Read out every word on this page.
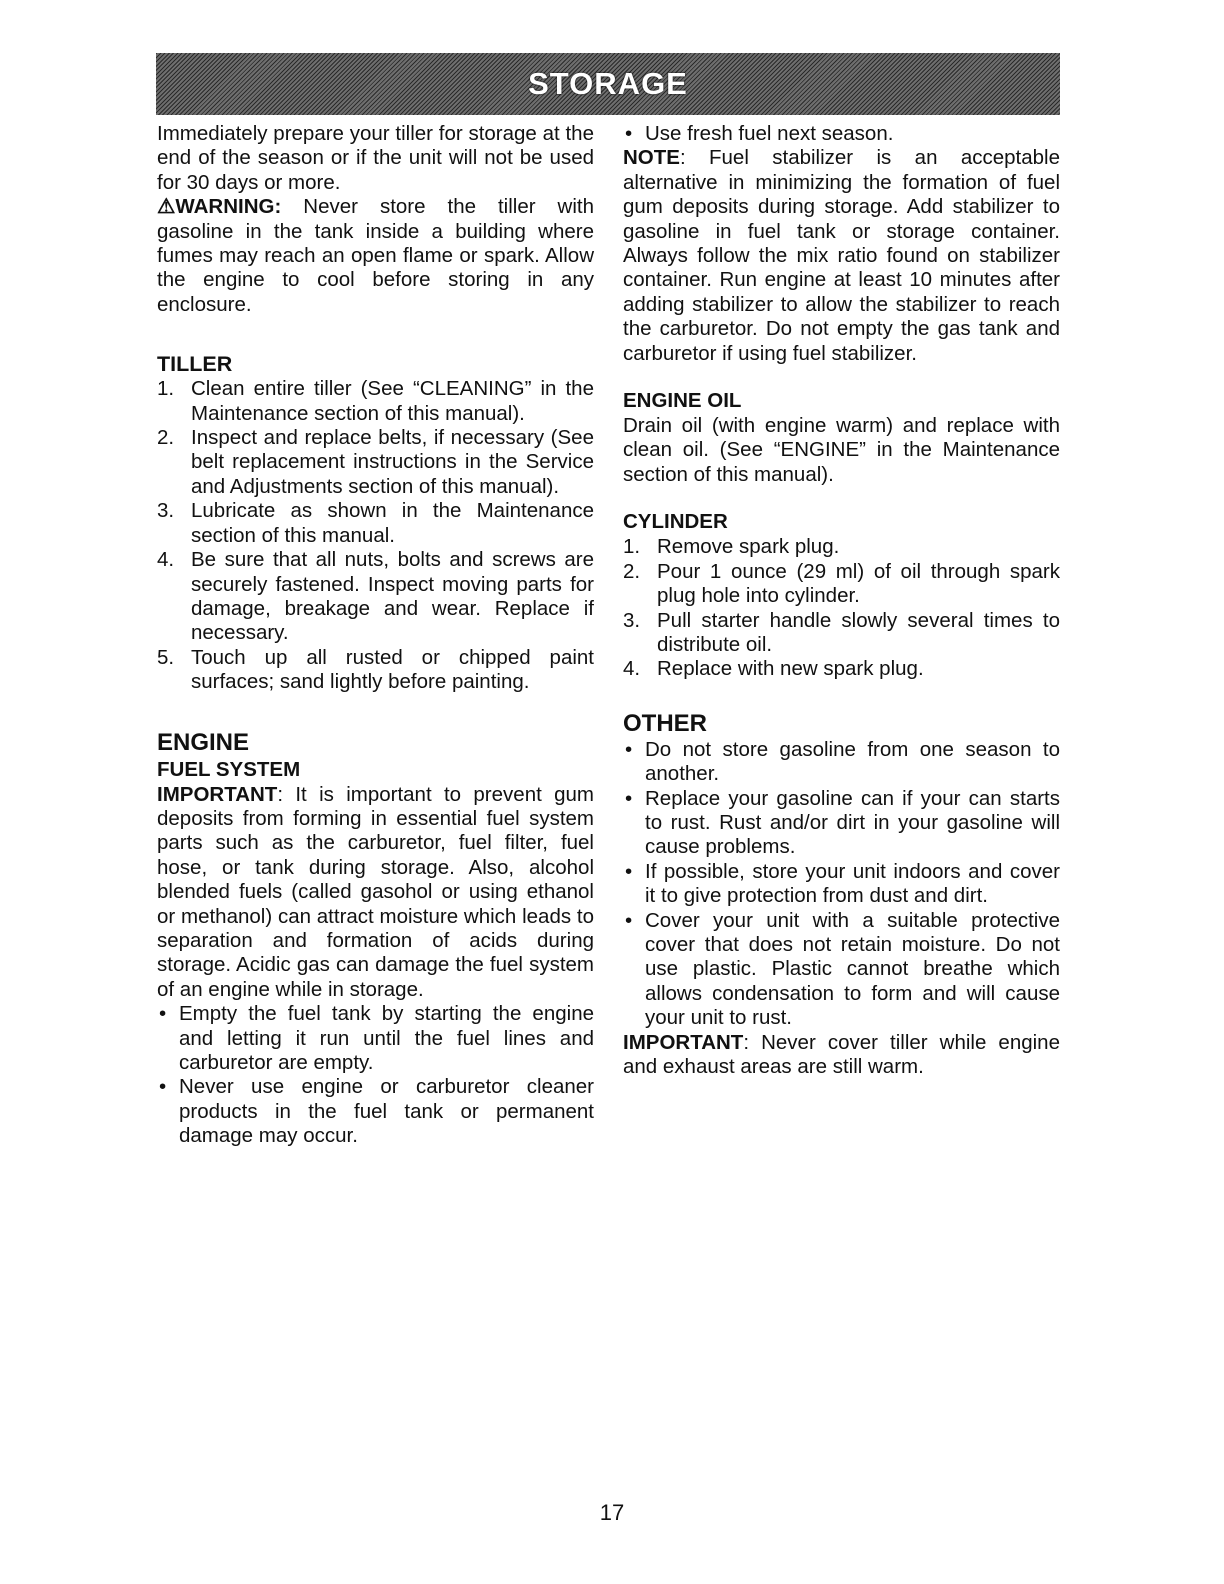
STORAGE

Immediately prepare your tiller for storage at the end of the season or if the unit will not be used for 30 days or more.

⚠WARNING: Never store the tiller with gasoline in the tank inside a building where fumes may reach an open flame or spark. Allow the engine to cool before storing in any enclosure.

TILLER
1. Clean entire tiller (See “CLEANING” in the Maintenance section of this manual).
2. Inspect and replace belts, if necessary (See belt replacement instructions in the Service and Adjustments section of this manual).
3. Lubricate as shown in the Maintenance section of this manual.
4. Be sure that all nuts, bolts and screws are securely fastened. Inspect moving parts for damage, breakage and wear. Replace if necessary.
5. Touch up all rusted or chipped paint surfaces; sand lightly before painting.
ENGINE
FUEL SYSTEM

IMPORTANT: It is important to prevent gum deposits from forming in essential fuel system parts such as the carburetor, fuel filter, fuel hose, or tank during storage. Also, alcohol blended fuels (called gasohol or using ethanol or methanol) can attract moisture which leads to separation and formation of acids during storage. Acidic gas can damage the fuel system of an engine while in storage.

• Empty the fuel tank by starting the engine and letting it run until the fuel lines and carburetor are empty.
• Never use engine or carburetor cleaner products in the fuel tank or permanent damage may occur.
• Use fresh fuel next season.

NOTE: Fuel stabilizer is an acceptable alternative in minimizing the formation of fuel gum deposits during storage. Add stabilizer to gasoline in fuel tank or storage container. Always follow the mix ratio found on stabilizer container. Run engine at least 10 minutes after adding stabilizer to allow the stabilizer to reach the carburetor. Do not empty the gas tank and carburetor if using fuel stabilizer.

ENGINE OIL

Drain oil (with engine warm) and replace with clean oil. (See “ENGINE” in the Maintenance section of this manual).

CYLINDER
1. Remove spark plug.
2. Pour 1 ounce (29 ml) of oil through spark plug hole into cylinder.
3. Pull starter handle slowly several times to distribute oil.
4. Replace with new spark plug.
OTHER
• Do not store gasoline from one season to another.
• Replace your gasoline can if your can starts to rust. Rust and/or dirt in your gasoline will cause problems.
• If possible, store your unit indoors and cover it to give protection from dust and dirt.
• Cover your unit with a suitable protective cover that does not retain moisture. Do not use plastic. Plastic cannot breathe which allows condensation to form and will cause your unit to rust.

IMPORTANT: Never cover tiller while engine and exhaust areas are still warm.

17
